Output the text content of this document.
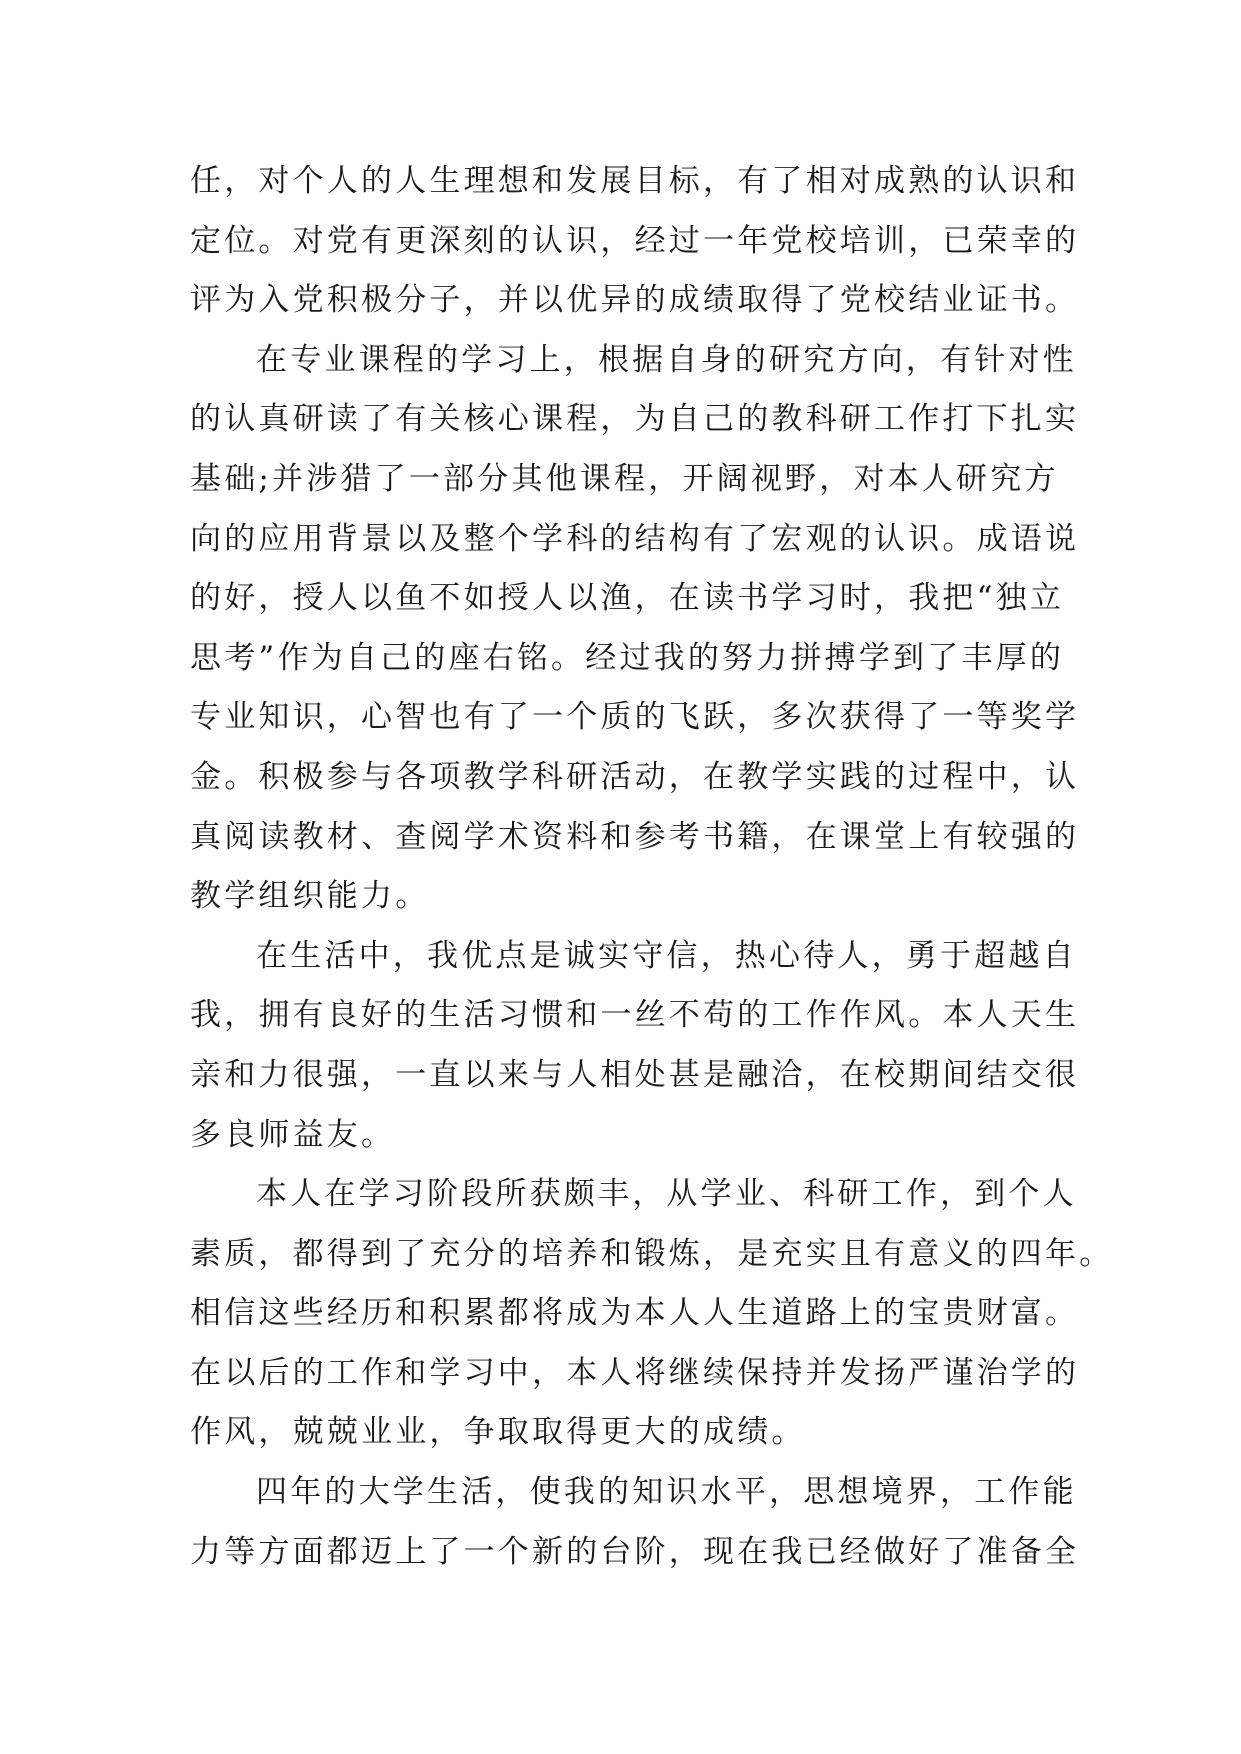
任，对个人的人生理想和发展目标，有了相对成熟的认识和
定位。对党有更深刻的认识，经过一年党校培训，已荣幸的
评为入党积极分子，并以优异的成绩取得了党校结业证书。
在专业课程的学习上，根据自身的研究方向，有针对性
的认真研读了有关核心课程，为自己的教科研工作打下扎实
基础;并涉猎了一部分其他课程，开阔视野，对本人研究方
向的应用背景以及整个学科的结构有了宏观的认识。成语说
的好，授人以鱼不如授人以渔，在读书学习时，我把“独立
思考”作为自己的座右铭。经过我的努力拼搏学到了丰厚的
专业知识，心智也有了一个质的飞跃，多次获得了一等奖学
金。积极参与各项教学科研活动，在教学实践的过程中，认
真阅读教材、查阅学术资料和参考书籍，在课堂上有较强的
教学组织能力。
在生活中，我优点是诚实守信，热心待人，勇于超越自
我，拥有良好的生活习惯和一丝不苟的工作作风。本人天生
亲和力很强，一直以来与人相处甚是融洽，在校期间结交很
多良师益友。
本人在学习阶段所获颇丰，从学业、科研工作，到个人
素质，都得到了充分的培养和锻炼，是充实且有意义的四年。
相信这些经历和积累都将成为本人人生道路上的宝贵财富。
在以后的工作和学习中，本人将继续保持并发扬严谨治学的
作风，兢兢业业，争取取得更大的成绩。
四年的大学生活，使我的知识水平，思想境界，工作能
力等方面都迈上了一个新的台阶，现在我已经做好了准备全
